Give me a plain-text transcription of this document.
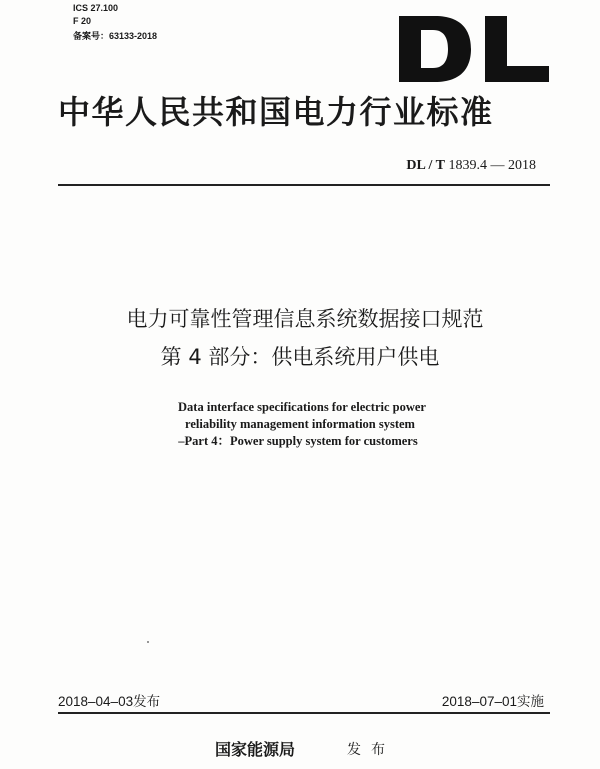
ICS 27.100
F 20
备案号：63133-2018
中华人民共和国电力行业标准
DL / T 1839.4 — 2018
电力可靠性管理信息系统数据接口规范
第 4 部分：供电系统用户供电
Data interface specifications for electric power
reliability management information system
–Part 4：Power supply system for customers
2018–04–03发布	2018–07–01实施
国家能源局	发布
